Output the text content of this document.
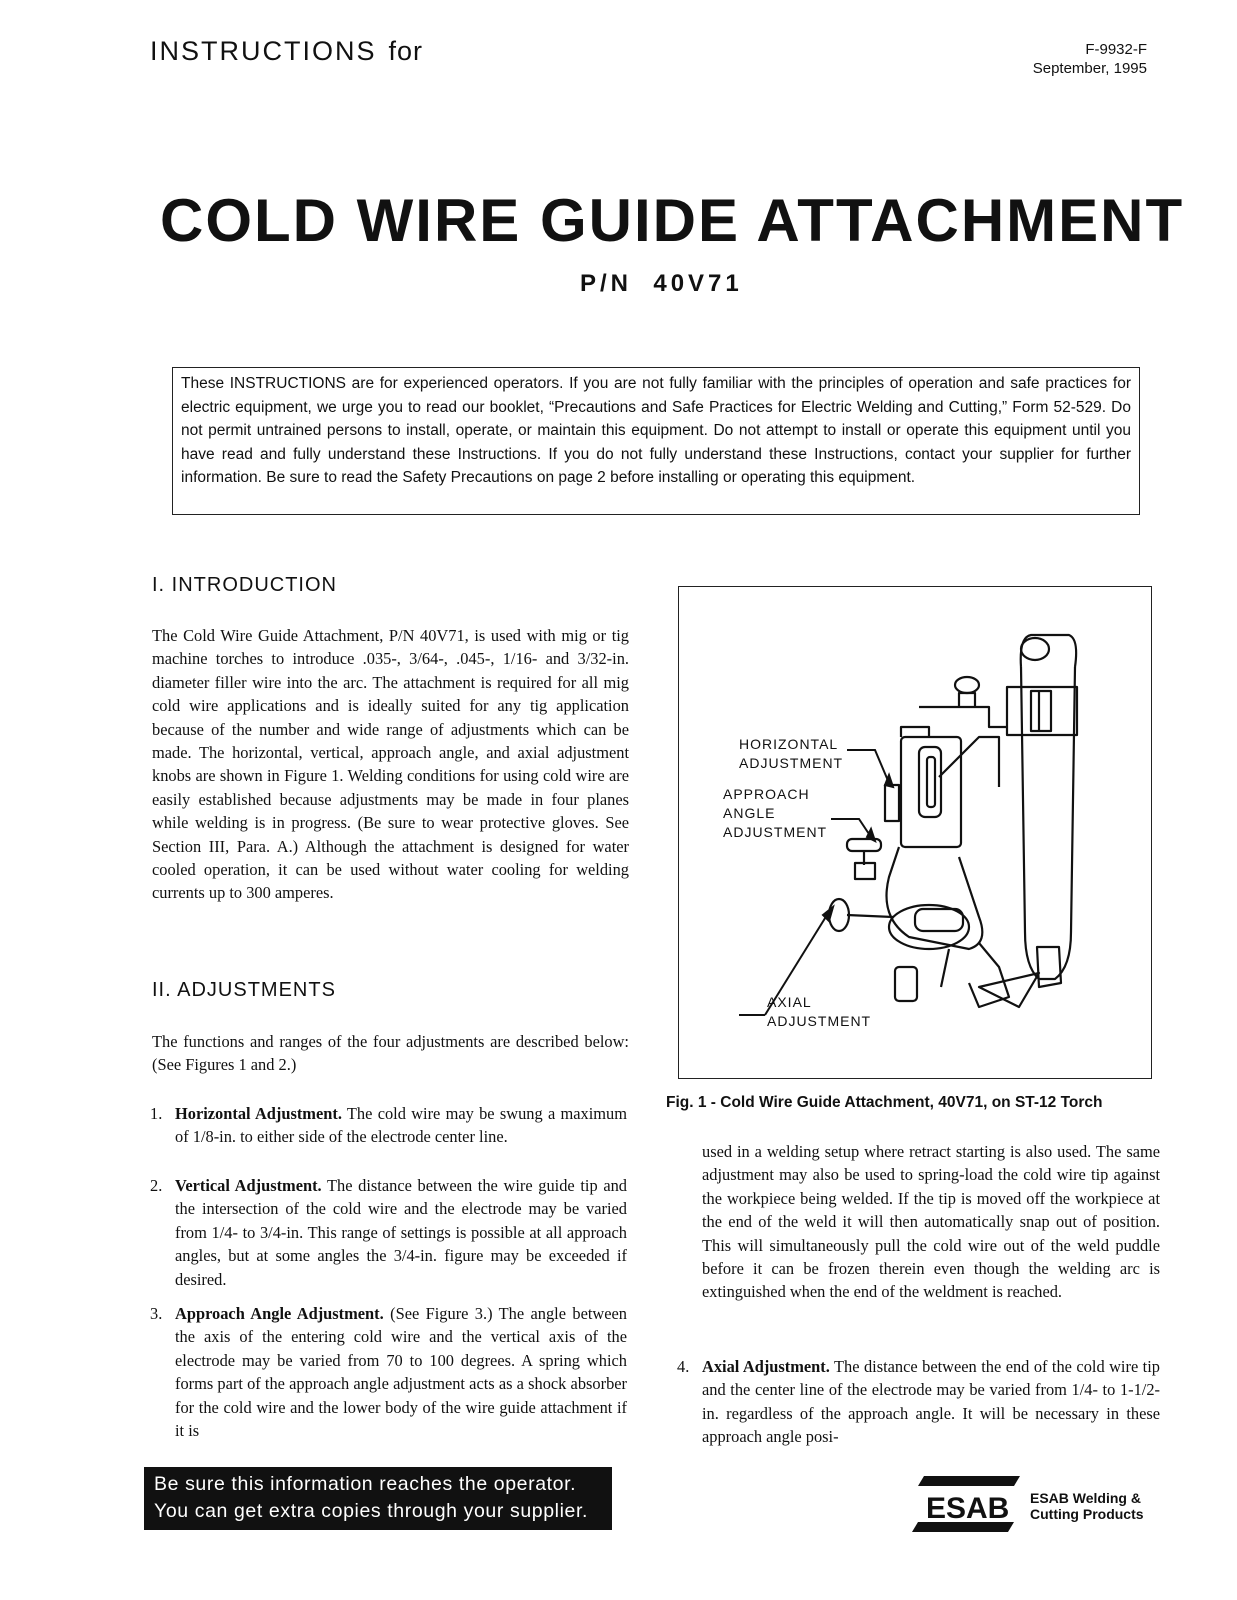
INSTRUCTIONS for	F-9932-F
September, 1995
COLD WIRE GUIDE ATTACHMENT
P/N  40V71
These INSTRUCTIONS are for experienced operators. If you are not fully familiar with the principles of operation and safe practices for electric equipment, we urge you to read our booklet, “Precautions and Safe Practices for Electric Welding and Cutting,” Form 52-529. Do not permit untrained persons to install, operate, or maintain this equipment. Do not attempt to install or operate this equipment until you have read and fully understand these Instructions. If you do not fully understand these Instructions, contact your supplier for further information. Be sure to read the Safety Precautions on page 2 before installing or operating this equipment.
I. INTRODUCTION
The Cold Wire Guide Attachment, P/N 40V71, is used with mig or tig machine torches to introduce .035-, 3/64-, .045-, 1/16- and 3/32-in. diameter filler wire into the arc. The attachment is required for all mig cold wire applications and is ideally suited for any tig application because of the number and wide range of adjustments which can be made. The horizontal, vertical, approach angle, and axial adjustment knobs are shown in Figure 1. Welding conditions for using cold wire are easily established because adjustments may be made in four planes while welding is in progress. (Be sure to wear protective gloves. See Section III, Para. A.) Although the attachment is designed for water cooled operation, it can be used without water cooling for welding currents up to 300 amperes.
II. ADJUSTMENTS
The functions and ranges of the four adjustments are described below: (See Figures 1 and 2.)
1. Horizontal Adjustment. The cold wire may be swung a maximum of 1/8-in. to either side of the electrode center line.
2. Vertical Adjustment. The distance between the wire guide tip and the intersection of the cold wire and the electrode may be varied from 1/4- to 3/4-in. This range of settings is possible at all approach angles, but at some angles the 3/4-in. figure may be exceeded if desired.
3. Approach Angle Adjustment. (See Figure 3.) The angle between the axis of the entering cold wire and the vertical axis of the electrode may be varied from 70 to 100 degrees. A spring which forms part of the approach angle adjustment acts as a shock absorber for the cold wire and the lower body of the wire guide attachment if it is
HORIZONTAL ADJUSTMENT
APPROACH ANGLE ADJUSTMENT
AXIAL ADJUSTMENT
Fig. 1 - Cold Wire Guide Attachment, 40V71, on ST-12 Torch
used in a welding setup where retract starting is also used. The same adjustment may also be used to spring-load the cold wire tip against the workpiece being welded. If the tip is moved off the workpiece at the end of the weld it will then automatically snap out of position. This will simultaneously pull the cold wire out of the weld puddle before it can be frozen therein even though the welding arc is extinguished when the end of the weldment is reached.
4. Axial Adjustment. The distance between the end of the cold wire tip and the center line of the electrode may be varied from 1/4- to 1-1/2-in. regardless of the approach angle. It will be necessary in these approach angle posi-
Be sure this information reaches the operator.
You can get extra copies through your supplier.	ESAB ESAB Welding &
Cutting Products
